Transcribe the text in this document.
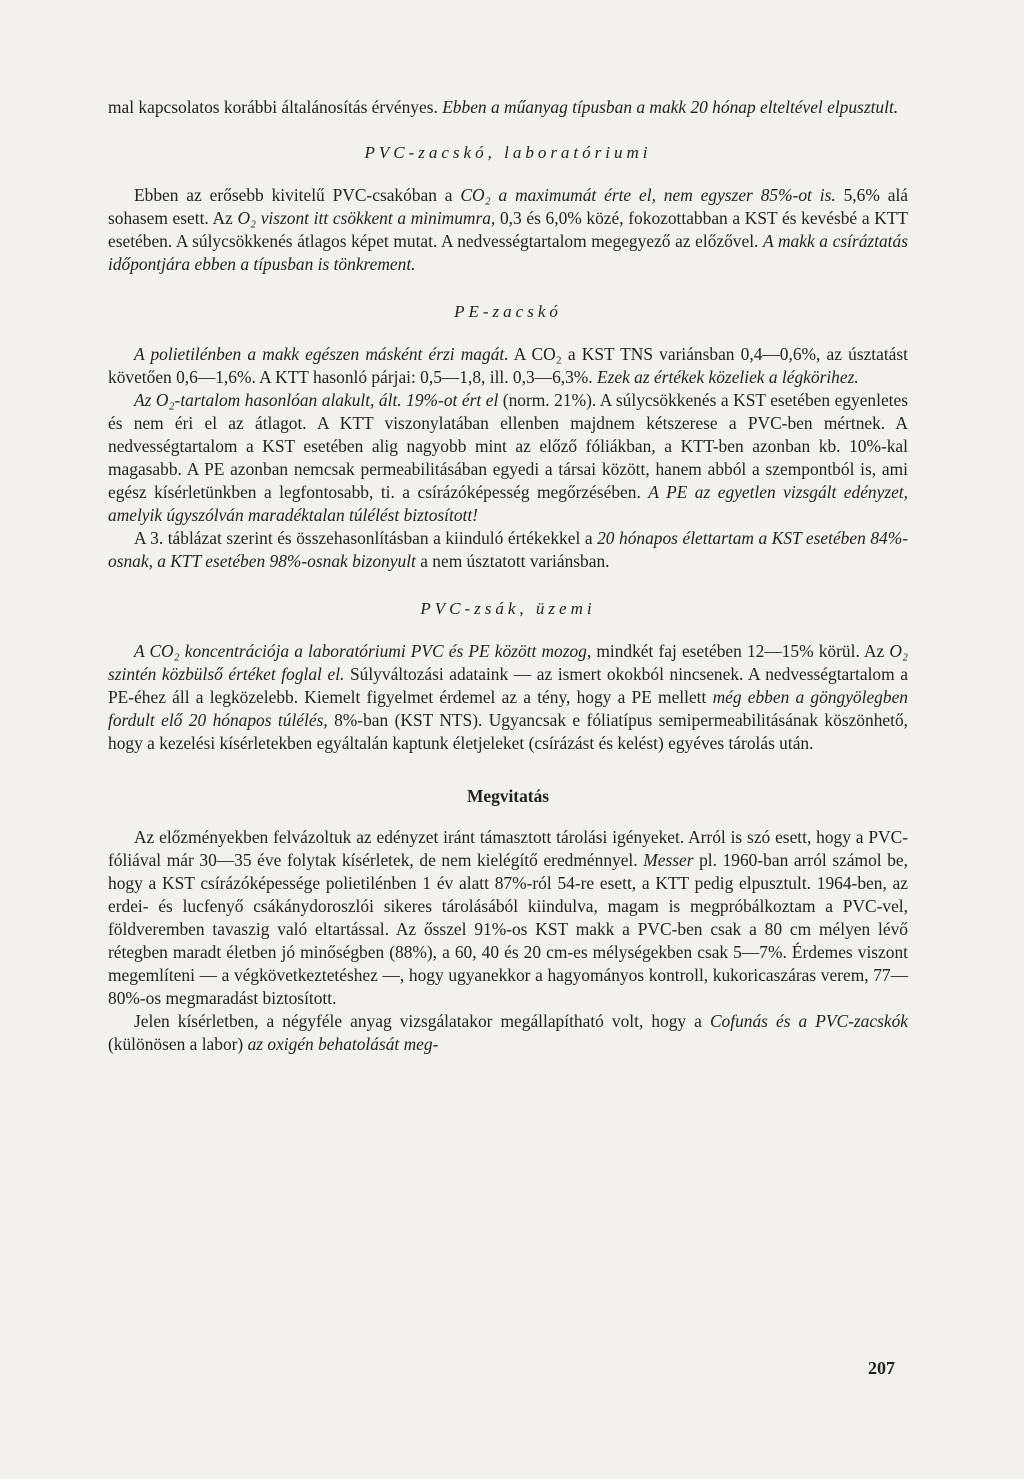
mal kapcsolatos korábbi általánosítás érvényes. Ebben a műanyag típusban a makk 20 hónap elteltével elpusztult.

PVC-zacskó, laboratóriumi

Ebben az erősebb kivitelű PVC-csakóban a CO₂ a maximumát érte el, nem egyszer 85%-ot is. 5,6% alá sohasem esett. Az O₂ viszont itt csökkent a minimumra, 0,3 és 6,0% közé, fokozottabban a KST és kevésbé a KTT esetében. A súlycsökkenés átlagos képet mutat. A nedvességtartalom megegyező az előzővel. A makk a csíráztatás időpontjára ebben a típusban is tönkrement.

PE-zacskó

A polietilénben a makk egészen másként érzi magát. A CO₂ a KST TNS variánsban 0,4—0,6%, az úsztatást követően 0,6—1,6%. A KTT hasonló párjai: 0,5—1,8, ill. 0,3—6,3%. Ezek az értékek közeliek a légkörihez.

Az O₂-tartalom hasonlóan alakult, ált. 19%-ot ért el (norm. 21%). A súlycsökkenés a KST esetében egyenletes és nem éri el az átlagot. A KTT viszonylatában ellenben majdnem kétszerese a PVC-ben mértnek. A nedvességtartalom a KST esetében alig nagyobb mint az előző fóliákban, a KTT-ben azonban kb. 10%-kal magasabb. A PE azonban nemcsak permeabilitásában egyedi a társai között, hanem abból a szempontból is, ami egész kísérletünkben a legfontosabb, ti. a csírázóképesség megőrzésében. A PE az egyetlen vizsgált edényzet, amelyik úgyszólván maradéktalan túlélést biztosított!

A 3. táblázat szerint és összehasonlításban a kiinduló értékekkel a 20 hónapos élettartam a KST esetében 84%-osnak, a KTT esetében 98%-osnak bizonyult a nem úsztatott variánsban.

PVC-zsák, üzemi

A CO₂ koncentrációja a laboratóriumi PVC és PE között mozog, mindkét faj esetében 12—15% körül. Az O₂ szintén közbülső értéket foglal el. Súlyváltozási adataink — az ismert okokból nincsenek. A nedvességtartalom a PE-éhez áll a legközelebb. Kiemelt figyelmet érdemel az a tény, hogy a PE mellett még ebben a göngyölegben fordult elő 20 hónapos túlélés, 8%-ban (KST NTS). Ugyancsak e fóliatípus semipermeabilitásának köszönhető, hogy a kezelési kísérletekben egyáltalán kaptunk életjeleket (csírázást és kelést) egyéves tárolás után.

Megvitatás

Az előzményekben felvázoltuk az edényzet iránt támasztott tárolási igényeket. Arról is szó esett, hogy a PVC-fóliával már 30—35 éve folytak kísérletek, de nem kielégítő eredménnyel. Messer pl. 1960-ban arról számol be, hogy a KST csírázóképessége polietilénben 1 év alatt 87%-ról 54-re esett, a KTT pedig elpusztult. 1964-ben, az erdei- és lucfenyő csákánydoroszlói sikeres tárolásából kiindulva, magam is megpróbálkoztam a PVC-vel, földveremben tavaszig való eltartással. Az ősszel 91%-os KST makk a PVC-ben csak a 80 cm mélyen lévő rétegben maradt életben jó minőségben (88%), a 60, 40 és 20 cm-es mélységekben csak 5—7%. Érdemes viszont megemlíteni — a végkövetkeztetéshez —, hogy ugyanekkor a hagyományos kontroll, kukoricaszáras verem, 77—80%-os megmaradást biztosított.

Jelen kísérletben, a négyféle anyag vizsgálatakor megállapítható volt, hogy a Cofunás és a PVC-zacskók (különösen a labor) az oxigén behatolását meg-

207
